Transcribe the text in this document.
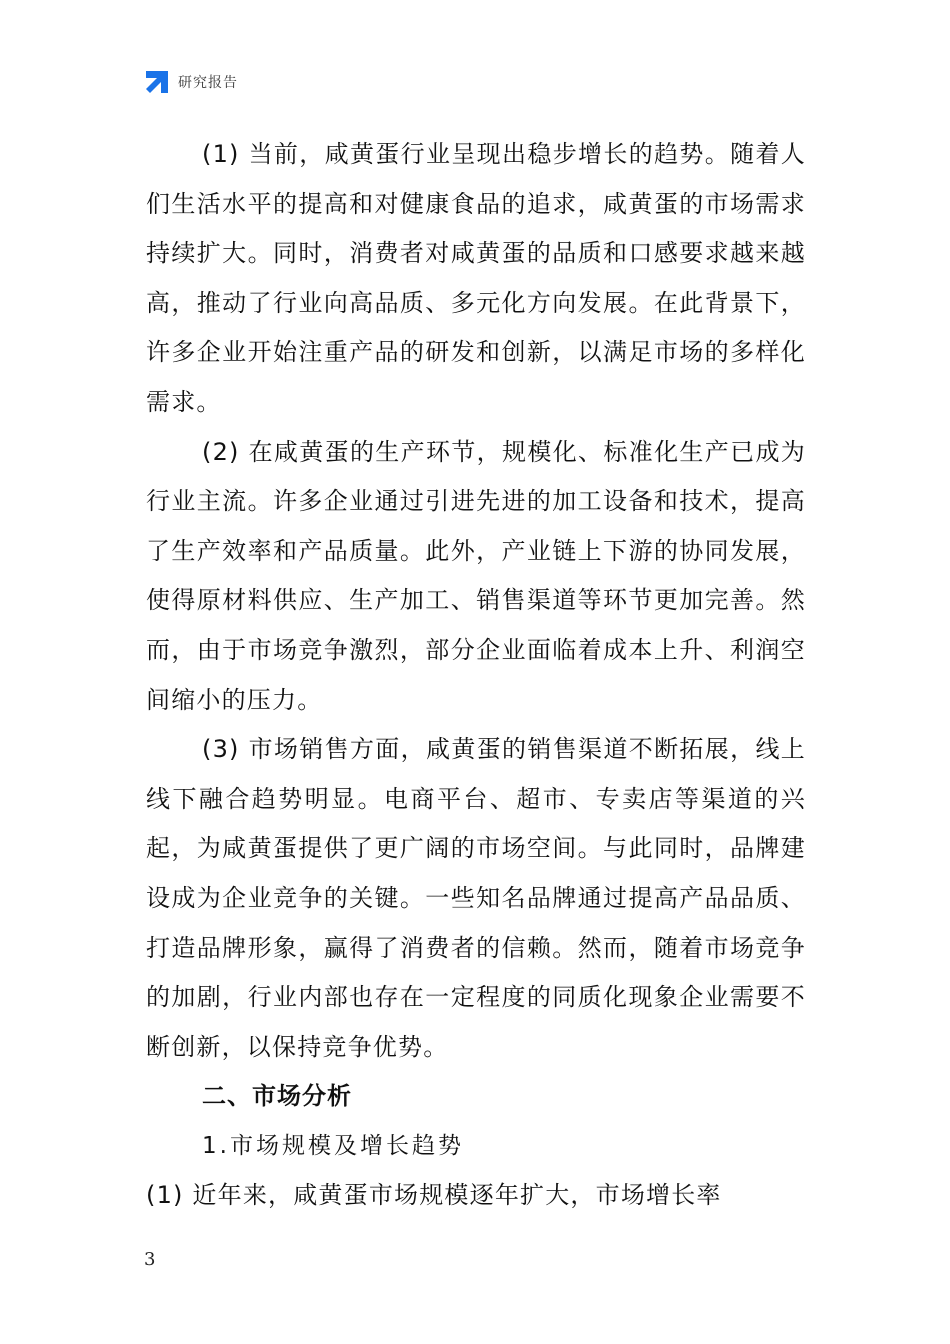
研究报告

(1) 当前，咸黄蛋行业呈现出稳步增长的趋势。随着人们生活水平的提高和对健康食品的追求，咸黄蛋的市场需求持续扩大。同时，消费者对咸黄蛋的品质和口感要求越来越高，推动了行业向高品质、多元化方向发展。在此背景下，许多企业开始注重产品的研发和创新，以满足市场的多样化需求。

(2) 在咸黄蛋的生产环节，规模化、标准化生产已成为行业主流。许多企业通过引进先进的加工设备和技术，提高了生产效率和产品质量。此外，产业链上下游的协同发展，使得原材料供应、生产加工、销售渠道等环节更加完善。然而，由于市场竞争激烈，部分企业面临着成本上升、利润空间缩小的压力。

(3) 市场销售方面，咸黄蛋的销售渠道不断拓展，线上线下融合趋势明显。电商平台、超市、专卖店等渠道的兴起，为咸黄蛋提供了更广阔的市场空间。与此同时，品牌建设成为企业竞争的关键。一些知名品牌通过提高产品品质、打造品牌形象，赢得了消费者的信赖。然而，随着市场竞争的加剧，行业内部也存在一定程度的同质化现象企业需要不断创新，以保持竞争优势。

二、市场分析

1.市场规模及增长趋势

(1) 近年来，咸黄蛋市场规模逐年扩大，市场增长率

3
